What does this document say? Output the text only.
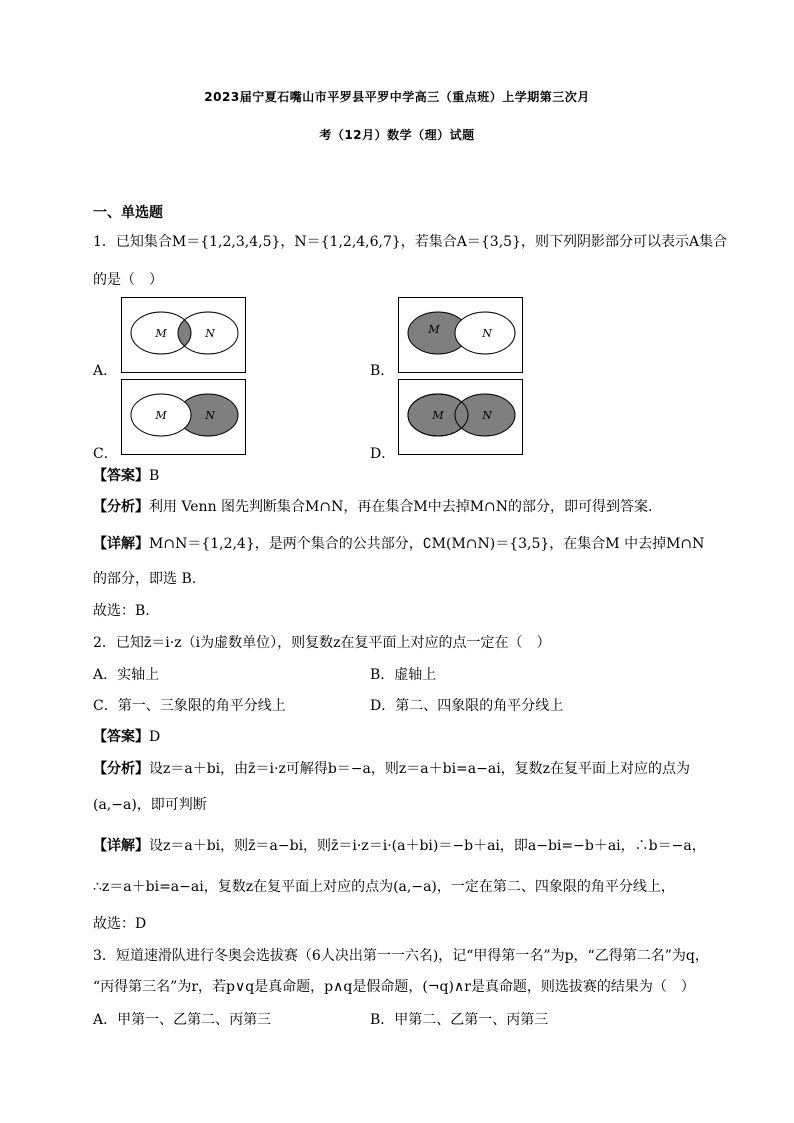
2023届宁夏石嘴山市平罗县平罗中学高三（重点班）上学期第三次月
考（12月）数学（理）试题
一、单选题
1．已知集合M＝{1,2,3,4,5}，N＝{1,2,4,6,7}，若集合A＝{3,5}，则下列阴影部分可以表示A集合
的是（　）
M	N
A．
M	N
B．
M	N
C．
M	N
D．
【答案】B
【分析】利用 Venn 图先判断集合M∩N，再在集合M中去掉M∩N的部分，即可得到答案.
【详解】M∩N＝{1,2,4}，是两个集合的公共部分，∁M(M∩N)＝{3,5}，在集合M 中去掉M∩N
的部分，即选 B.
故选：B.
2．已知z̄＝i·z（i为虚数单位），则复数z在复平面上对应的点一定在（　）
A．实轴上	B．虚轴上
C．第一、三象限的角平分线上	D．第二、四象限的角平分线上
【答案】D
【分析】设z＝a＋bi，由z̄＝i·z可解得b＝−a，则z＝a＋bi=a−ai，复数z在复平面上对应的点为
(a,−a)，即可判断
【详解】设z＝a＋bi，则z̄＝a−bi，则z̄＝i·z＝i·(a＋bi)＝−b＋ai，即a−bi=−b＋ai，∴b＝−a，
∴z＝a＋bi=a−ai，复数z在复平面上对应的点为(a,−a)，一定在第二、四象限的角平分线上，
故选：D
3．短道速滑队进行冬奥会选拔赛（6人决出第一一六名)，记“甲得第一名”为p，“乙得第二名”为q，
“丙得第三名”为r，若p∨q是真命题，p∧q是假命题，(¬q)∧r是真命题，则选拔赛的结果为（　）
A．甲第一、乙第二、丙第三	B．甲第二、乙第一、丙第三
